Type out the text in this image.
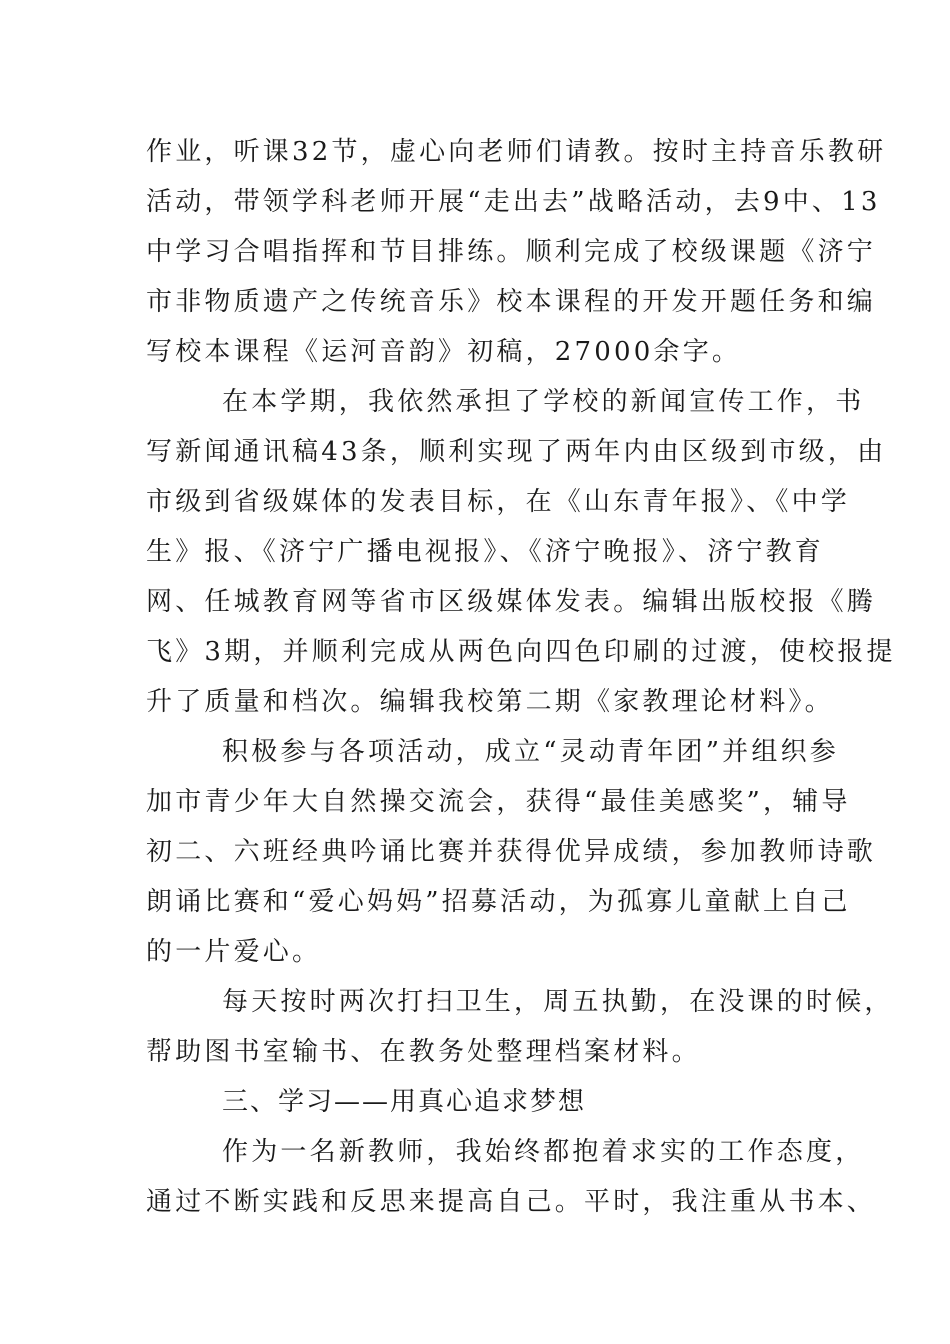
作业，听课32节，虚心向老师们请教。按时主持音乐教研
活动，带领学科老师开展“走出去”战略活动，去9中、13
中学习合唱指挥和节目排练。顺利完成了校级课题《济宁
市非物质遗产之传统音乐》校本课程的开发开题任务和编
写校本课程《运河音韵》初稿，27000余字。
在本学期，我依然承担了学校的新闻宣传工作，书
写新闻通讯稿43条，顺利实现了两年内由区级到市级，由
市级到省级媒体的发表目标，在《山东青年报》、《中学
生》报、《济宁广播电视报》、《济宁晚报》、济宁教育
网、任城教育网等省市区级媒体发表。编辑出版校报《腾
飞》3期，并顺利完成从两色向四色印刷的过渡，使校报提
升了质量和档次。编辑我校第二期《家教理论材料》。
积极参与各项活动，成立“灵动青年团”并组织参
加市青少年大自然操交流会，获得“最佳美感奖”，辅导
初二、六班经典吟诵比赛并获得优异成绩，参加教师诗歌
朗诵比赛和“爱心妈妈”招募活动，为孤寡儿童献上自己
的一片爱心。
每天按时两次打扫卫生，周五执勤，在没课的时候，
帮助图书室输书、在教务处整理档案材料。
三、学习——用真心追求梦想
作为一名新教师，我始终都抱着求实的工作态度，
通过不断实践和反思来提高自己。平时，我注重从书本、
